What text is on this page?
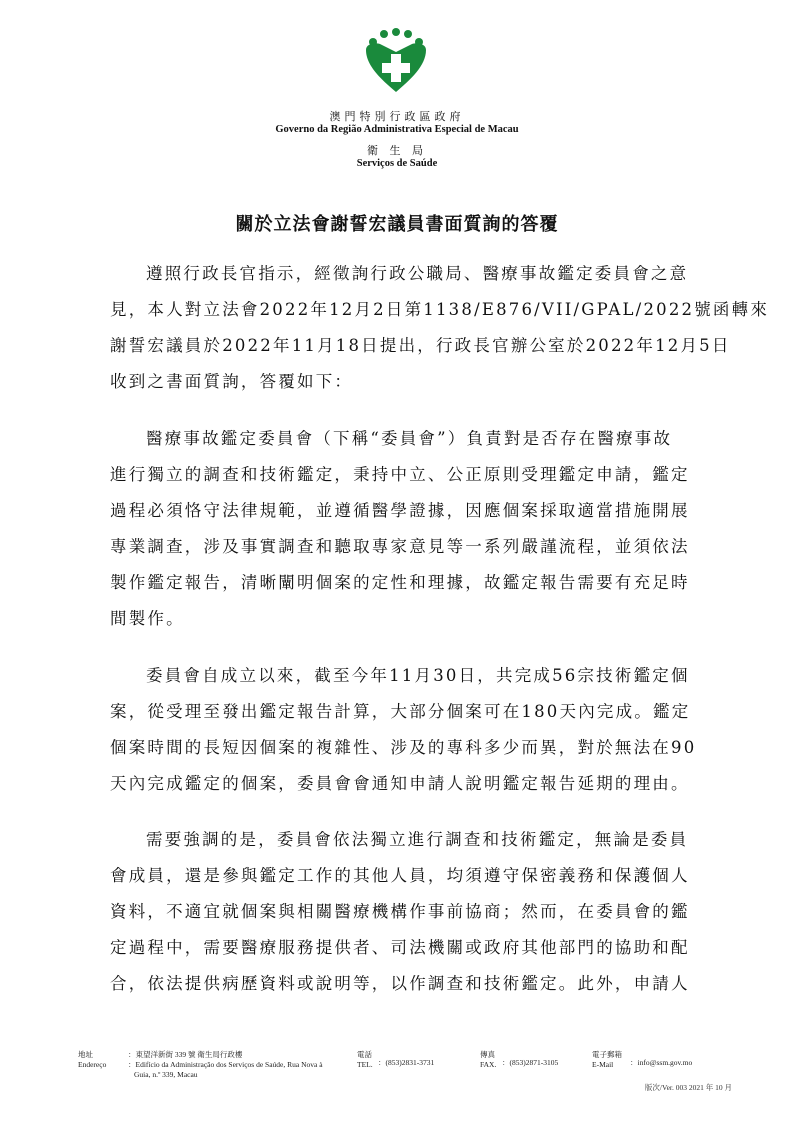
澳門特別行政區政府
Governo da Região Administrativa Especial de Macau
衛 生 局
Serviços de Saúde
關於立法會謝誓宏議員書面質詢的答覆
遵照行政長官指示，經徵詢行政公職局、醫療事故鑑定委員會之意
見，本人對立法會2022年12月2日第1138/E876/VII/GPAL/2022號函轉來
謝誓宏議員於2022年11月18日提出，行政長官辦公室於2022年12月5日
收到之書面質詢，答覆如下：
醫療事故鑑定委員會（下稱“委員會”）負責對是否存在醫療事故
進行獨立的調查和技術鑑定，秉持中立、公正原則受理鑑定申請，鑑定
過程必須恪守法律規範，並遵循醫學證據，因應個案採取適當措施開展
專業調查，涉及事實調查和聽取專家意見等一系列嚴謹流程，並須依法
製作鑑定報告，清晰闡明個案的定性和理據，故鑑定報告需要有充足時
間製作。
委員會自成立以來，截至今年11月30日，共完成56宗技術鑑定個
案，從受理至發出鑑定報告計算，大部分個案可在180天內完成。鑑定
個案時間的長短因個案的複雜性、涉及的專科多少而異，對於無法在90
天內完成鑑定的個案，委員會會通知申請人說明鑑定報告延期的理由。
需要強調的是，委員會依法獨立進行調查和技術鑑定，無論是委員
會成員，還是參與鑑定工作的其他人員，均須遵守保密義務和保護個人
資料，不適宜就個案與相關醫療機構作事前協商；然而，在委員會的鑑
定過程中，需要醫療服務提供者、司法機關或政府其他部門的協助和配
合，依法提供病歷資料或說明等，以作調查和技術鑑定。此外，申請人
地址
Endereço
：東望洋新街 339 號 衛生局行政樓
：Edifício da Administração dos Serviços de Saúde, Rua Nova à
Guia, n.º 339, Macau
電話
TEL. ：(853)2831-3731
傳真
FAX. ：(853)2871-3105
電子郵箱
E-Mail	：info@ssm.gov.mo
版次/Ver. 003 2021 年 10 月
